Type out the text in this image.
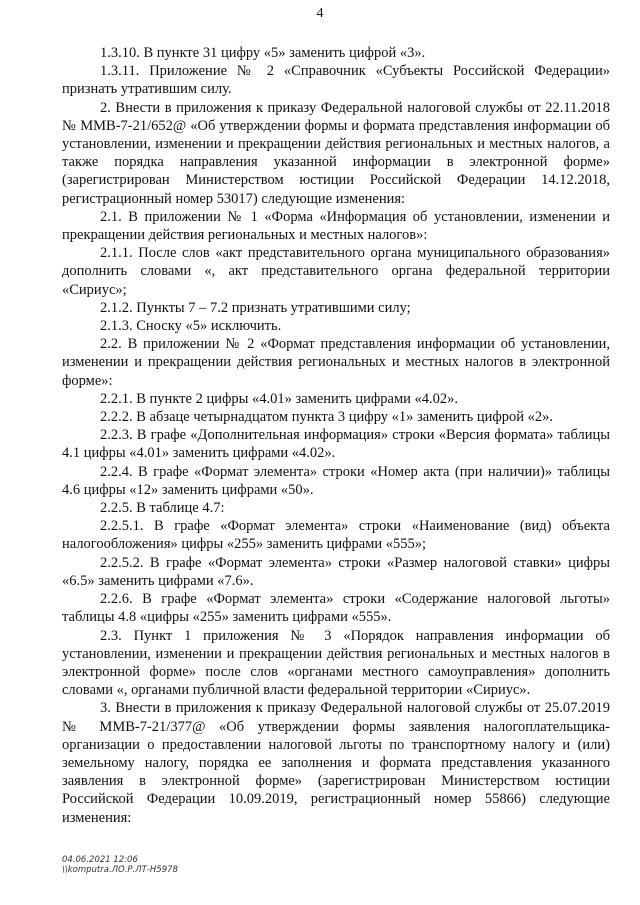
4

1.3.10. В пункте 31 цифру «5» заменить цифрой «3».

1.3.11. Приложение № 2 «Справочник «Субъекты Российской Федерации» признать утратившим силу.

2. Внести в приложения к приказу Федеральной налоговой службы от 22.11.2018 № ММВ-7-21/652@ «Об утверждении формы и формата представления информации об установлении, изменении и прекращении действия региональных и местных налогов, а также порядка направления указанной информации в электронной форме» (зарегистрирован Министерством юстиции Российской Федерации 14.12.2018, регистрационный номер 53017) следующие изменения:

2.1. В приложении № 1 «Форма «Информация об установлении, изменении и прекращении действия региональных и местных налогов»:

2.1.1. После слов «акт представительного органа муниципального образования» дополнить словами «, акт представительного органа федеральной территории «Сириус»;

2.1.2. Пункты 7 – 7.2 признать утратившими силу;

2.1.3. Сноску «5» исключить.

2.2. В приложении № 2 «Формат представления информации об установлении, изменении и прекращении действия региональных и местных налогов в электронной форме»:

2.2.1. В пункте 2 цифры «4.01» заменить цифрами «4.02».

2.2.2. В абзаце четырнадцатом пункта 3 цифру «1» заменить цифрой «2».

2.2.3. В графе «Дополнительная информация» строки «Версия формата» таблицы 4.1 цифры «4.01» заменить цифрами «4.02».

2.2.4. В графе «Формат элемента» строки «Номер акта (при наличии)» таблицы 4.6 цифры «12» заменить цифрами «50».

2.2.5. В таблице 4.7:

2.2.5.1. В графе «Формат элемента» строки «Наименование (вид) объекта налогообложения» цифры «255» заменить цифрами «555»;

2.2.5.2. В графе «Формат элемента» строки «Размер налоговой ставки» цифры «6.5» заменить цифрами «7.6».

2.2.6. В графе «Формат элемента» строки «Содержание налоговой льготы» таблицы 4.8 «цифры «255» заменить цифрами «555».

2.3. Пункт 1 приложения № 3 «Порядок направления информации об установлении, изменении и прекращении действия региональных и местных налогов в электронной форме» после слов «органами местного самоуправления» дополнить словами «, органами публичной власти федеральной территории «Сириус».

3. Внести в приложения к приказу Федеральной налоговой службы от 25.07.2019 № ММВ-7-21/377@ «Об утверждении формы заявления налогоплательщика-организации о предоставлении налоговой льготы по транспортному налогу и (или) земельному налогу, порядка ее заполнения и формата представления указанного заявления в электронной форме» (зарегистрирован Министерством юстиции Российской Федерации 10.09.2019, регистрационный номер 55866) следующие изменения:

04.06.2021 12:06
\\komputra.ЛО.Р.ЛТ-Н5978
